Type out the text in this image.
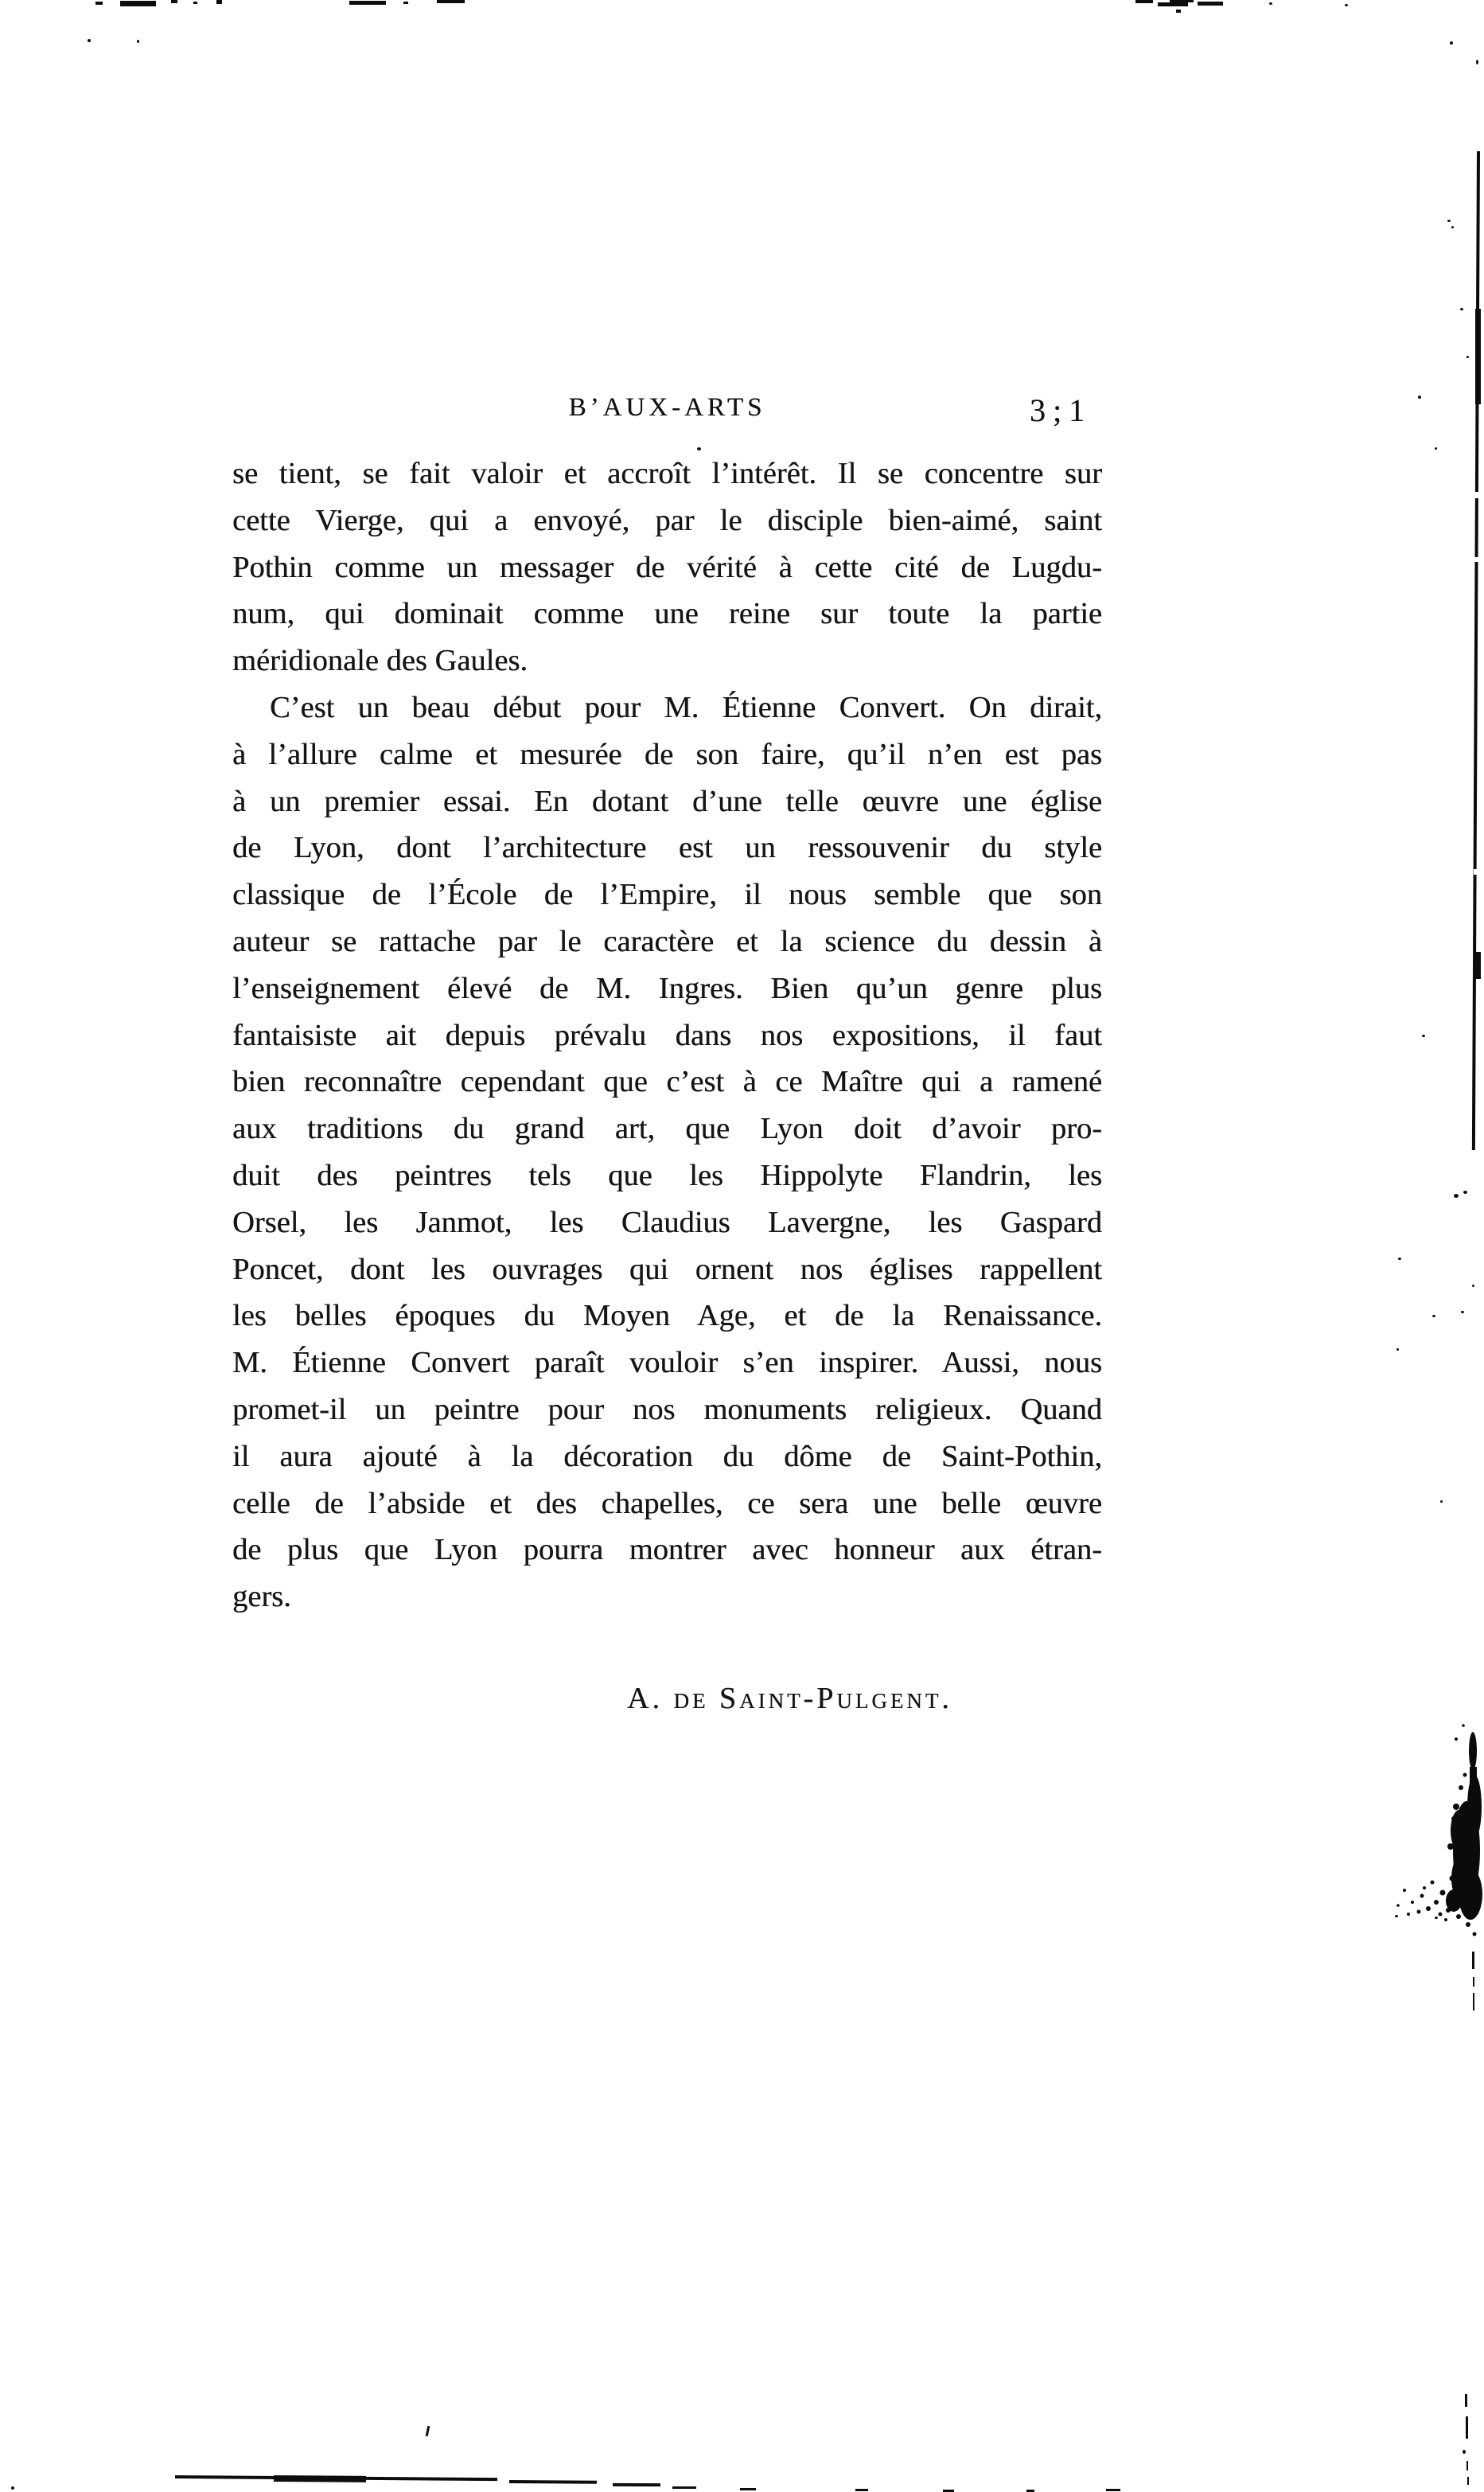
B’AUX-ARTS	3;1
se tient, se fait valoir et accroît l’intérêt. Il se concentre sur
cette Vierge, qui a envoyé, par le disciple bien-aimé, saint
Pothin comme un messager de vérité à cette cité de Lugdu-
num, qui dominait comme une reine sur toute la partie
méridionale des Gaules.
C’est un beau début pour M. Étienne Convert. On dirait,
à l’allure calme et mesurée de son faire, qu’il n’en est pas
à un premier essai. En dotant d’une telle œuvre une église
de Lyon, dont l’architecture est un ressouvenir du style
classique de l’École de l’Empire, il nous semble que son
auteur se rattache par le caractère et la science du dessin à
l’enseignement élevé de M. Ingres. Bien qu’un genre plus
fantaisiste ait depuis prévalu dans nos expositions, il faut
bien reconnaître cependant que c’est à ce Maître qui a ramené
aux traditions du grand art, que Lyon doit d’avoir pro-
duit des peintres tels que les Hippolyte Flandrin, les
Orsel, les Janmot, les Claudius Lavergne, les Gaspard
Poncet, dont les ouvrages qui ornent nos églises rappellent
les belles époques du Moyen Age, et de la Renaissance.
M. Étienne Convert paraît vouloir s’en inspirer. Aussi, nous
promet-il un peintre pour nos monuments religieux. Quand
il aura ajouté à la décoration du dôme de Saint-Pothin,
celle de l’abside et des chapelles, ce sera une belle œuvre
de plus que Lyon pourra montrer avec honneur aux étran-
gers.
A. de Saint-Pulgent.
